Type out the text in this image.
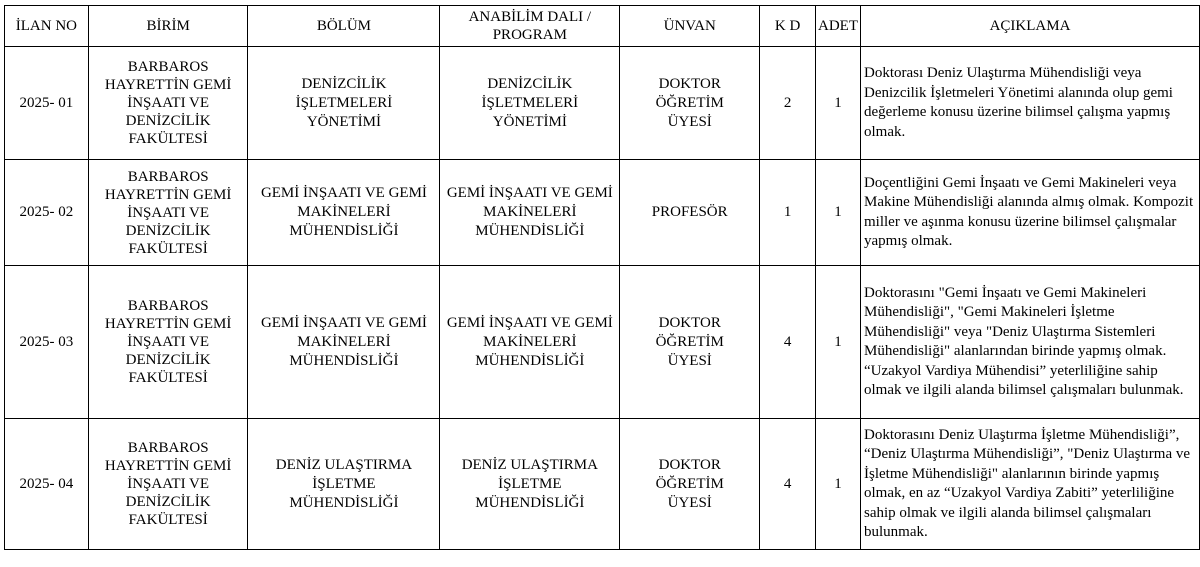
İLAN NO	BİRİM	BÖLÜM	ANABİLİM DALI / PROGRAM	ÜNVAN	K D	ADET	AÇIKLAMA
2025- 01	BARBAROS HAYRETTİN GEMİ İNŞAATI VE DENİZCİLİK FAKÜLTESİ	DENİZCİLİK İŞLETMELERİ YÖNETİMİ	DENİZCİLİK İŞLETMELERİ YÖNETİMİ	DOKTOR ÖĞRETİM ÜYESİ	2	1	Doktorası Deniz Ulaştırma Mühendisliği veya Denizcilik İşletmeleri Yönetimi alanında olup gemi değerleme konusu üzerine bilimsel çalışma yapmış olmak.
2025- 02	BARBAROS HAYRETTİN GEMİ İNŞAATI VE DENİZCİLİK FAKÜLTESİ	GEMİ İNŞAATI VE GEMİ MAKİNELERİ MÜHENDİSLİĞİ	GEMİ İNŞAATI VE GEMİ MAKİNELERİ MÜHENDİSLİĞİ	PROFESÖR	1	1	Doçentliğini Gemi İnşaatı ve Gemi Makineleri veya Makine Mühendisliği alanında almış olmak. Kompozit miller ve aşınma konusu üzerine bilimsel çalışmalar yapmış olmak.
2025- 03	BARBAROS HAYRETTİN GEMİ İNŞAATI VE DENİZCİLİK FAKÜLTESİ	GEMİ İNŞAATI VE GEMİ MAKİNELERİ MÜHENDİSLİĞİ	GEMİ İNŞAATI VE GEMİ MAKİNELERİ MÜHENDİSLİĞİ	DOKTOR ÖĞRETİM ÜYESİ	4	1	Doktorasını "Gemi İnşaatı ve Gemi Makineleri Mühendisliği", "Gemi Makineleri İşletme Mühendisliği" veya "Deniz Ulaştırma Sistemleri Mühendisliği" alanlarından birinde yapmış olmak. “Uzakyol Vardiya Mühendisi” yeterliliğine sahip olmak ve ilgili alanda bilimsel çalışmaları bulunmak.
2025- 04	BARBAROS HAYRETTİN GEMİ İNŞAATI VE DENİZCİLİK FAKÜLTESİ	DENİZ ULAŞTIRMA İŞLETME MÜHENDİSLİĞİ	DENİZ ULAŞTIRMA İŞLETME MÜHENDİSLİĞİ	DOKTOR ÖĞRETİM ÜYESİ	4	1	Doktorasını Deniz Ulaştırma İşletme Mühendisliği”, “Deniz Ulaştırma Mühendisliği”, "Deniz Ulaştırma ve İşletme Mühendisliği" alanlarının birinde yapmış olmak, en az “Uzakyol Vardiya Zabiti” yeterliliğine sahip olmak ve ilgili alanda bilimsel çalışmaları bulunmak.
